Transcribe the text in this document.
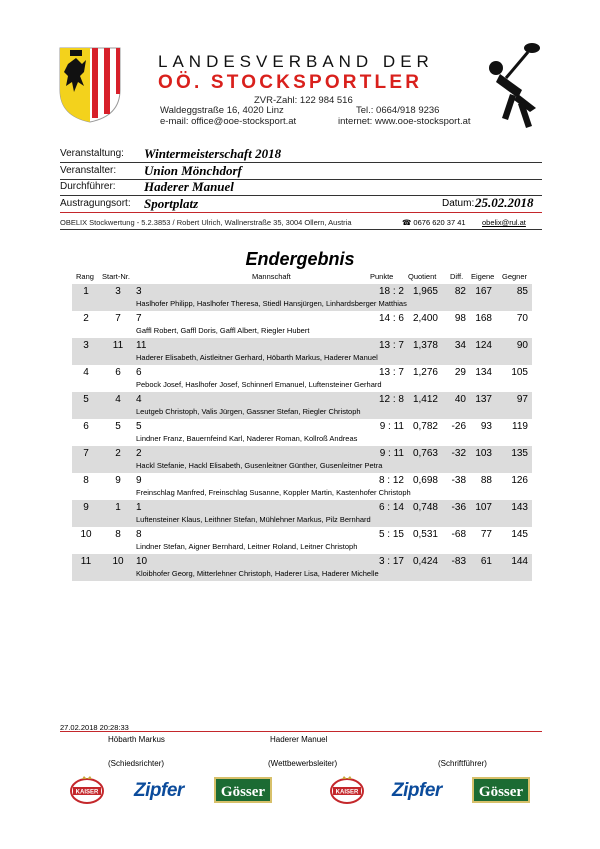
LANDESVERBAND DER
OÖ. STOCKSPORTLER
ZVR-Zahl: 122 984 516
Waldeggstraße 16, 4020 Linz	Tel.: 0664/918 9236
e-mail: office@ooe-stocksport.at	internet: www.ooe-stocksport.at
Veranstaltung: Wintermeisterschaft 2018
Veranstalter: Union Mönchdorf
Durchführer: Haderer Manuel
Austragungsort: Sportplatz	Datum: 25.02.2018
OBELIX Stockwertung - 5.2.3853 / Robert Ulrich, Wallnerstraße 35, 3004 Ollern, Austria	☎ 0676 620 37 41 obelix@rul.at
Endergebnis
Rang Start-Nr.	Mannschaft	Punkte Quotient Diff. Eigene Gegner
1	3	3	18 : 2 1,965	82 167	85
Haslhofer Philipp, Haslhofer Theresa, Stiedl Hansjürgen, Linhardsberger Matthias
2	7	7	14 : 6 2,400	98 168	70
Gaffl Robert, Gaffl Doris, Gaffl Albert, Riegler Hubert
3	11	11	13 : 7 1,378	34 124	90
Haderer Elisabeth, Aistleitner Gerhard, Höbarth Markus, Haderer Manuel
4	6	6	13 : 7 1,276	29 134	105
Pebock Josef, Haslhofer Josef, Schinnerl Emanuel, Luftensteiner Gerhard
5	4	4	12 : 8 1,412	40 137	97
Leutgeb Christoph, Valis Jürgen, Gassner Stefan, Riegler Christoph
6	5	5	9 : 11 0,782	-26	93	119
Lindner Franz, Bauernfeind Karl, Naderer Roman, Kollroß Andreas
7	2	2	9 : 11 0,763	-32 103	135
Hackl Stefanie, Hackl Elisabeth, Gusenleitner Günther, Gusenleitner Petra
8	9	9	8 : 12 0,698	-38	88	126
Freinschlag Manfred, Freinschlag Susanne, Koppler Martin, Kastenhofer Christoph
9	1	1	6 : 14 0,748	-36 107	143
Luftensteiner Klaus, Leithner Stefan, Mühlehner Markus, Pilz Bernhard
10	8	8	5 : 15 0,531	-68	77	145
Lindner Stefan, Aigner Bernhard, Leitner Roland, Leitner Christoph
11	10	10	3 : 17 0,424	-83	61	144
Kloibhofer Georg, Mitterlehner Christoph, Haderer Lisa, Haderer Michelle
27.02.2018 20:28:33
Höbarth Markus	Haderer Manuel
(Schiedsrichter)	(Wettbewerbsleiter)	(Schriftführer)
KAISER Zipfer	Gösser	KAISER Zipfer	Gösser
